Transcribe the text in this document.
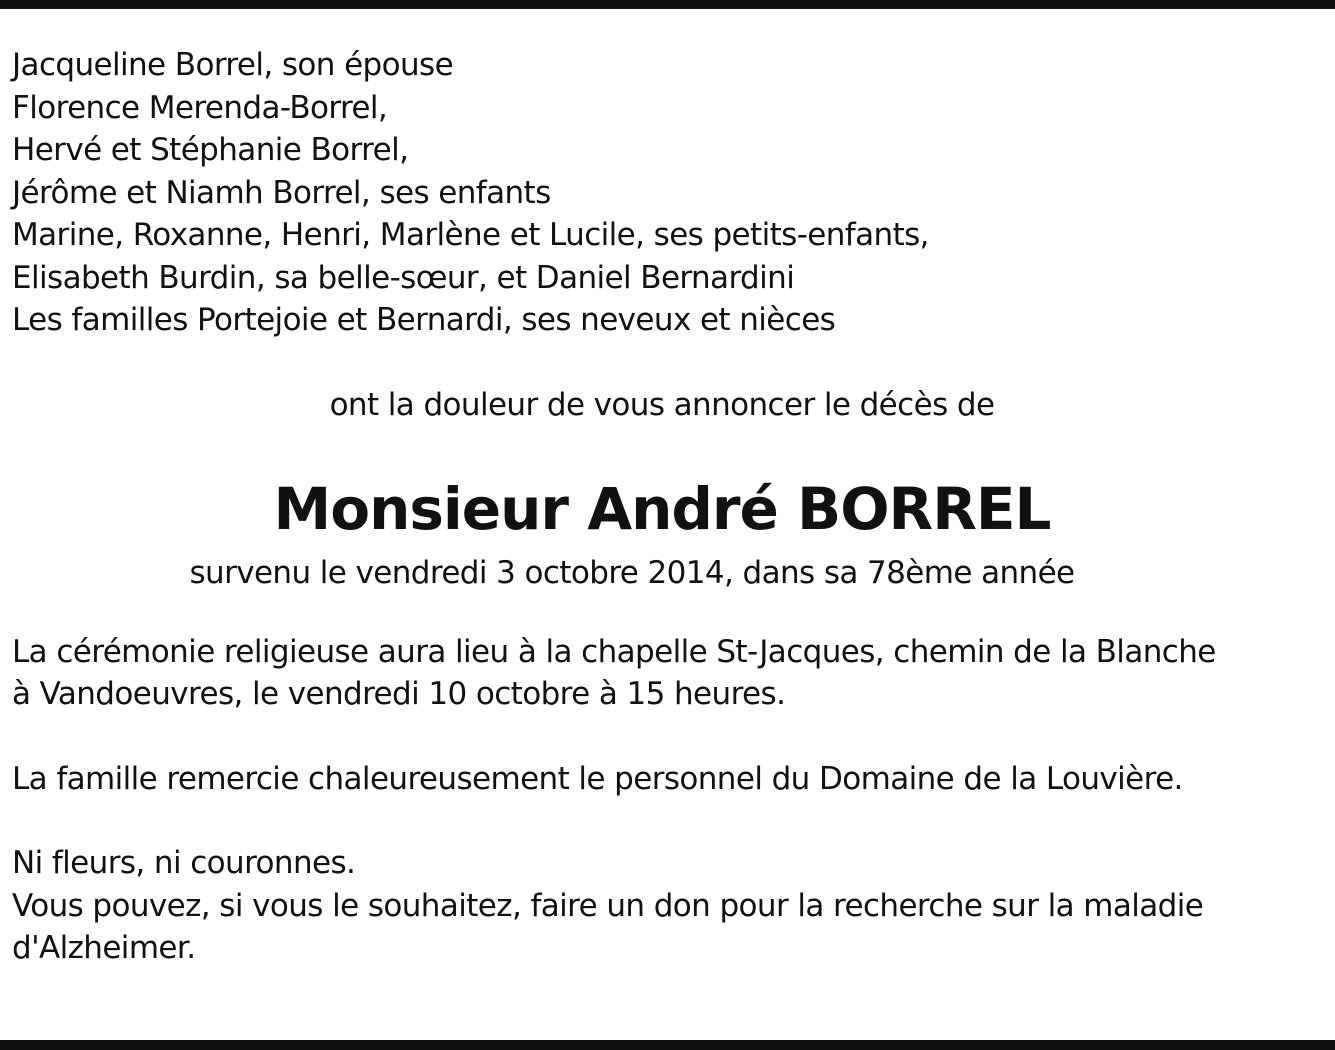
Jacqueline Borrel, son épouse
Florence Merenda-Borrel,
Hervé et Stéphanie Borrel,
Jérôme et Niamh Borrel, ses enfants
Marine, Roxanne, Henri, Marlène et Lucile, ses petits-enfants,
Elisabeth Burdin, sa belle-sœur, et Daniel Bernardini
Les familles Portejoie et Bernardi, ses neveux et nièces
ont la douleur de vous annoncer le décès de
Monsieur André BORREL
survenu le vendredi 3 octobre 2014, dans sa 78ème année
La cérémonie religieuse aura lieu à la chapelle St-Jacques, chemin de la Blanche
à Vandoeuvres, le vendredi 10 octobre à 15 heures.
La famille remercie chaleureusement le personnel du Domaine de la Louvière.
Ni fleurs, ni couronnes.
Vous pouvez, si vous le souhaitez, faire un don pour la recherche sur la maladie
d'Alzheimer.
